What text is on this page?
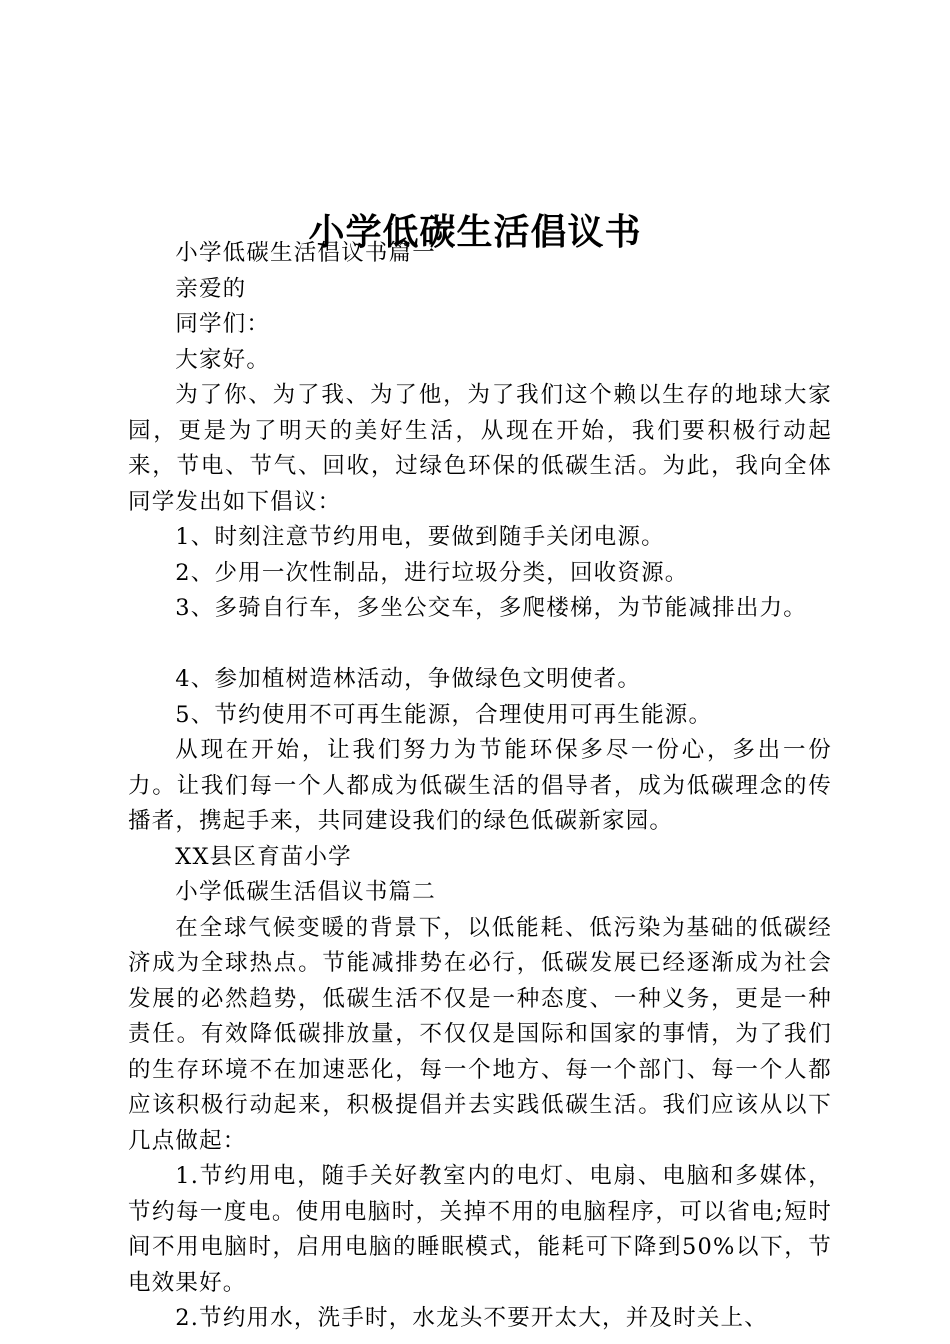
小学低碳生活倡议书

小学低碳生活倡议书篇一

亲爱的

同学们：

大家好。

为了你、为了我、为了他，为了我们这个赖以生存的地球大家园，更是为了明天的美好生活，从现在开始，我们要积极行动起来，节电、节气、回收，过绿色环保的低碳生活。为此，我向全体同学发出如下倡议：

1、时刻注意节约用电，要做到随手关闭电源。

2、少用一次性制品，进行垃圾分类，回收资源。

3、多骑自行车，多坐公交车，多爬楼梯，为节能减排出力。

4、参加植树造林活动，争做绿色文明使者。

5、节约使用不可再生能源，合理使用可再生能源。

从现在开始，让我们努力为节能环保多尽一份心，多出一份力。让我们每一个人都成为低碳生活的倡导者，成为低碳理念的传播者，携起手来，共同建设我们的绿色低碳新家园。

XX县区育苗小学

小学低碳生活倡议书篇二

在全球气候变暖的背景下，以低能耗、低污染为基础的低碳经济成为全球热点。节能减排势在必行，低碳发展已经逐渐成为社会发展的必然趋势，低碳生活不仅是一种态度、一种义务，更是一种责任。有效降低碳排放量，不仅仅是国际和国家的事情，为了我们的生存环境不在加速恶化，每一个地方、每一个部门、每一个人都应该积极行动起来，积极提倡并去实践低碳生活。我们应该从以下几点做起：

1.节约用电，随手关好教室内的电灯、电扇、电脑和多媒体，节约每一度电。使用电脑时，关掉不用的电脑程序，可以省电;短时间不用电脑时，启用电脑的睡眠模式，能耗可下降到50%以下，节电效果好。

2.节约用水，洗手时，水龙头不要开太大，并及时关上、
